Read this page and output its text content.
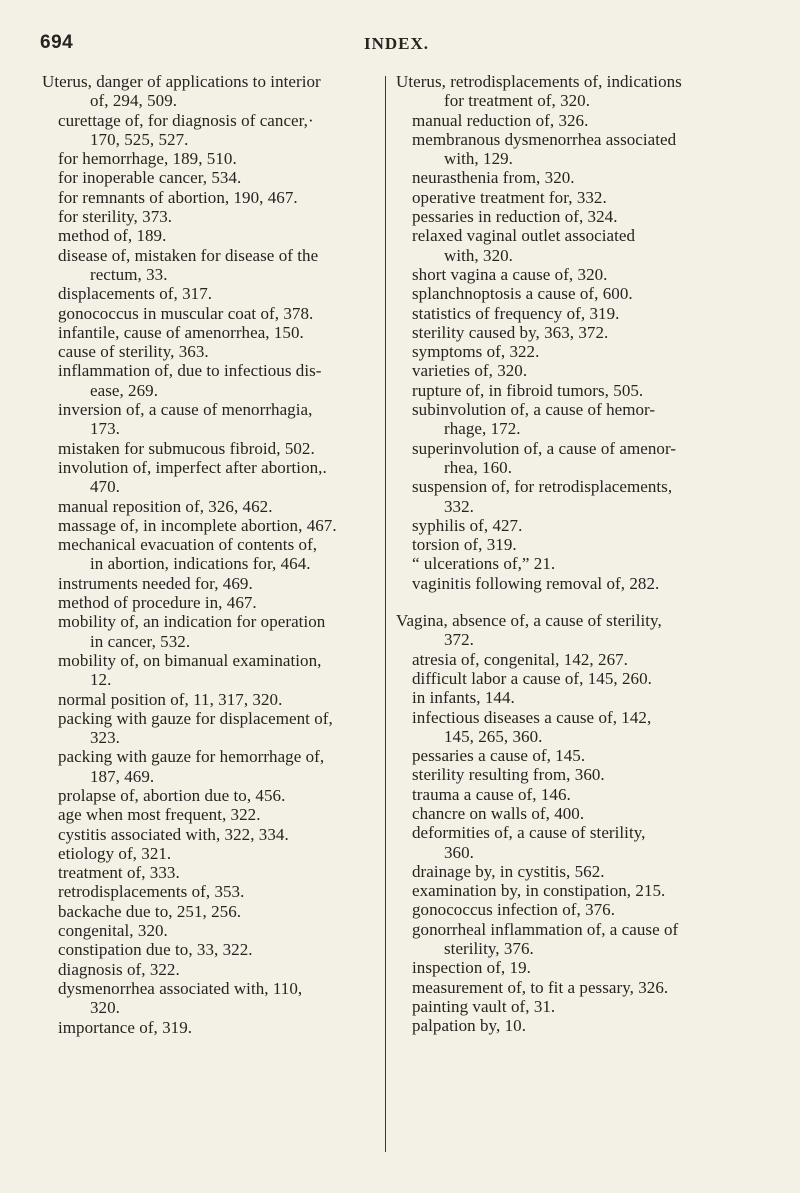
694	INDEX.
Uterus, danger of applications to interior
of, 294, 509.
curettage of, for diagnosis of cancer,·
170, 525, 527.
for hemorrhage, 189, 510.
for inoperable cancer, 534.
for remnants of abortion, 190, 467.
for sterility, 373.
method of, 189.
disease of, mistaken for disease of the
rectum, 33.
displacements of, 317.
gonococcus in muscular coat of, 378.
infantile, cause of amenorrhea, 150.
cause of sterility, 363.
inflammation of, due to infectious dis-
ease, 269.
inversion of, a cause of menorrhagia,
173.
mistaken for submucous fibroid, 502.
involution of, imperfect after abortion,.
470.
manual reposition of, 326, 462.
massage of, in incomplete abortion, 467.
mechanical evacuation of contents of,
in abortion, indications for, 464.
instruments needed for, 469.
method of procedure in, 467.
mobility of, an indication for operation
in cancer, 532.
mobility of, on bimanual examination,
12.
normal position of, 11, 317, 320.
packing with gauze for displacement of,
323.
packing with gauze for hemorrhage of,
187, 469.
prolapse of, abortion due to, 456.
age when most frequent, 322.
cystitis associated with, 322, 334.
etiology of, 321.
treatment of, 333.
retrodisplacements of, 353.
backache due to, 251, 256.
congenital, 320.
constipation due to, 33, 322.
diagnosis of, 322.
dysmenorrhea associated with, 110,
320.
importance of, 319.
Uterus, retrodisplacements of, indications
for treatment of, 320.
manual reduction of, 326.
membranous dysmenorrhea associated
with, 129.
neurasthenia from, 320.
operative treatment for, 332.
pessaries in reduction of, 324.
relaxed vaginal outlet associated
with, 320.
short vagina a cause of, 320.
splanchnoptosis a cause of, 600.
statistics of frequency of, 319.
sterility caused by, 363, 372.
symptoms of, 322.
varieties of, 320.
rupture of, in fibroid tumors, 505.
subinvolution of, a cause of hemor-
rhage, 172.
superinvolution of, a cause of amenor-
rhea, 160.
suspension of, for retrodisplacements,
332.
syphilis of, 427.
torsion of, 319.
“ ulcerations of,” 21.
vaginitis following removal of, 282.
Vagina, absence of, a cause of sterility,
372.
atresia of, congenital, 142, 267.
difficult labor a cause of, 145, 260.
in infants, 144.
infectious diseases a cause of, 142,
145, 265, 360.
pessaries a cause of, 145.
sterility resulting from, 360.
trauma a cause of, 146.
chancre on walls of, 400.
deformities of, a cause of sterility,
360.
drainage by, in cystitis, 562.
examination by, in constipation, 215.
gonococcus infection of, 376.
gonorrheal inflammation of, a cause of
sterility, 376.
inspection of, 19.
measurement of, to fit a pessary, 326.
painting vault of, 31.
palpation by, 10.
